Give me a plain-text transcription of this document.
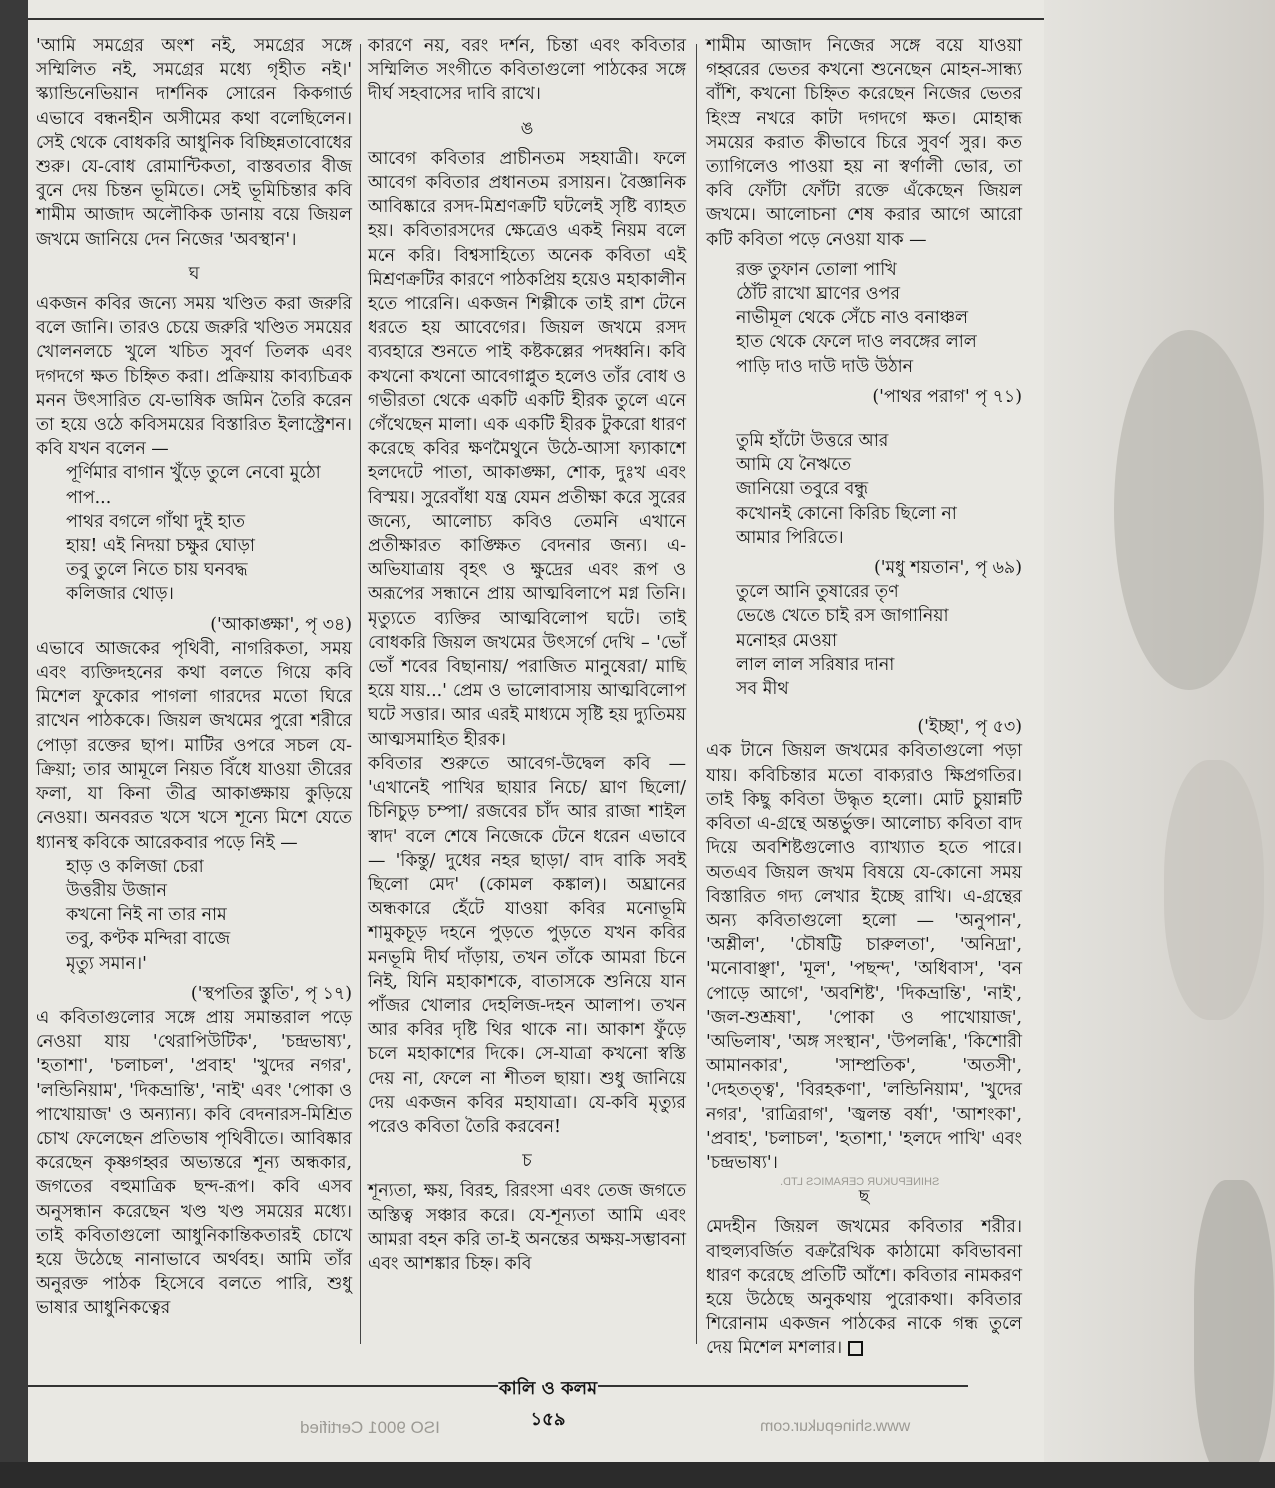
ISO 9001 Certified	www.shinepukur.com
SHINEPUKUR CERAMICS LTD.

'আমি সমগ্রের অংশ নই, সমগ্রের সঙ্গে সম্মিলিত নই, সমগ্রের মধ্যে গৃহীত নই।' স্ক্যান্ডিনেভিয়ান দার্শনিক সোরেন কিকগার্ড এভাবে বন্ধনহীন অসীমের কথা বলেছিলেন। সেই থেকে বোধকরি আধুনিক বিচ্ছিন্নতাবোধের শুরু। যে-বোধ রোমান্টিকতা, বাস্তবতার বীজ বুনে দেয় চিন্তন ভূমিতে। সেই ভূমিচিন্তার কবি শামীম আজাদ অলৌকিক ডানায় বয়ে জিয়ল জখমে জানিয়ে দেন নিজের 'অবস্থান'।

ঘ

একজন কবির জন্যে সময় খণ্ডিত করা জরুরি বলে জানি। তারও চেয়ে জরুরি খণ্ডিত সময়ের খোলনলচে খুলে খচিত সুবর্ণ তিলক এবং দগদগে ক্ষত চিহ্নিত করা। প্রক্রিয়ায় কাব্যচিত্রক মনন উৎসারিত যে-ভাষিক জমিন তৈরি করেন তা হয়ে ওঠে কবিসময়ের বিস্তারিত ইলাস্ট্রেশন। কবি যখন বলেন —

পূর্ণিমার বাগান খুঁড়ে তুলে নেবো মুঠো পাপ...
পাথর বগলে গাঁথা দুই হাত
হায়! এই নিদয়া চক্ষুর ঘোড়া
তবু তুলে নিতে চায় ঘনবদ্ধ
কলিজার থোড়।
('আকাঙ্ক্ষা', পৃ ৩৪)

এভাবে আজকের পৃথিবী, নাগরিকতা, সময় এবং ব্যক্তিদহনের কথা বলতে গিয়ে কবি মিশেল ফুকোর পাগলা গারদের মতো ঘিরে রাখেন পাঠককে। জিয়ল জখমের পুরো শরীরে পোড়া রক্তের ছাপ। মাটির ওপরে সচল যে-ক্রিয়া; তার আমূলে নিয়ত বিঁধে যাওয়া তীরের ফলা, যা কিনা তীব্র আকাঙ্ক্ষায় কুড়িয়ে নেওয়া। অনবরত খসে খসে শূন্যে মিশে যেতে ধ্যানস্থ কবিকে আরেকবার পড়ে নিই —

হাড় ও কলিজা চেরা
উত্তরীয় উজান
কখনো নিই না তার নাম
তবু, কণ্টক মন্দিরা বাজে
মৃত্যু সমান।'
('স্থপতির স্তুতি', পৃ ১৭)

এ কবিতাগুলোর সঙ্গে প্রায় সমান্তরাল পড়ে নেওয়া যায় 'থেরাপিউটিক', 'চন্দ্রভাষ্য', 'হতাশা', 'চলাচল', 'প্রবাহ' 'খুদের নগর', 'লন্ডিনিয়াম', 'দিকভ্রান্তি', 'নাই' এবং 'পোকা ও পাখোয়াজ' ও অন্যান্য। কবি বেদনারস-মিশ্রিত চোখ ফেলেছেন প্রতিভাষ পৃথিবীতে। আবিষ্কার করেছেন কৃষ্ণগহ্বর অভ্যন্তরে শূন্য অন্ধকার, জগতের বহুমাত্রিক ছন্দ-রূপ। কবি এসব অনুসন্ধান করেছেন খণ্ড খণ্ড সময়ের মধ্যে। তাই কবিতাগুলো আধুনিকান্তিকতারই চোখে হয়ে উঠেছে নানাভাবে অর্থবহ। আমি তাঁর অনুরক্ত পাঠক হিসেবে বলতে পারি, শুধু ভাষার আধুনিকত্বের

কারণে নয়, বরং দর্শন, চিন্তা এবং কবিতার সম্মিলিত সংগীতে কবিতাগুলো পাঠকের সঙ্গে দীর্ঘ সহবাসের দাবি রাখে।

ঙ

আবেগ কবিতার প্রাচীনতম সহযাত্রী। ফলে আবেগ কবিতার প্রধানতম রসায়ন। বৈজ্ঞানিক আবিষ্কারে রসদ-মিশ্রণক্রটি ঘটলেই সৃষ্টি ব্যাহত হয়। কবিতারসদের ক্ষেত্রেও একই নিয়ম বলে মনে করি। বিশ্বসাহিত্যে অনেক কবিতা এই মিশ্রণক্রটির কারণে পাঠকপ্রিয় হয়েও মহাকালীন হতে পারেনি। একজন শিল্পীকে তাই রাশ টেনে ধরতে হয় আবেগের। জিয়ল জখমে রসদ ব্যবহারে শুনতে পাই কষ্টকল্লের পদধ্বনি। কবি কখনো কখনো আবেগাপ্লুত হলেও তাঁর বোধ ও গভীরতা থেকে একটি একটি হীরক তুলে এনে গেঁথেছেন মালা। এক একটি হীরক টুকরো ধারণ করেছে কবির ক্ষণমৈথুনে উঠে-আসা ফ্যাকাশে হলদেটে পাতা, আকাঙ্ক্ষা, শোক, দুঃখ এবং বিস্ময়। সুরেবাঁধা যন্ত্র যেমন প্রতীক্ষা করে সুরের জন্যে, আলোচ্য কবিও তেমনি এখানে প্রতীক্ষারত কাঙ্ক্ষিত বেদনার জন্য। এ-অভিযাত্রায় বৃহৎ ও ক্ষুদ্রের এবং রূপ ও অরূপের সন্ধানে প্রায় আত্মবিলাপে মগ্ন তিনি। মৃত্যুতে ব্যক্তির আত্মবিলোপ ঘটে। তাই বোধকরি জিয়ল জখমের উৎসর্গে দেখি – 'ভোঁ ভোঁ শবের বিছানায়/ পরাজিত মানুষেরা/ মাছি হয়ে যায়...' প্রেম ও ভালোবাসায় আত্মবিলোপ ঘটে সত্তার। আর এরই মাধ্যমে সৃষ্টি হয় দ্যুতিময় আত্মসমাহিত হীরক।

কবিতার শুরুতে আবেগ-উদ্বেল কবি — 'এখানেই পাখির ছায়ার নিচে/ ঘ্রাণ ছিলো/ চিনিচুড় চম্পা/ রজবের চাঁদ আর রাজা শাইল স্বাদ' বলে শেষে নিজেকে টেনে ধরেন এভাবে — 'কিন্তু/ দুধের নহর ছাড়া/ বাদ বাকি সবই ছিলো মেদ' (কোমল কঙ্কাল)। অঘ্রানের অন্ধকারে হেঁটে যাওয়া কবির মনোভূমি শামুকচূড় দহনে পুড়তে পুড়তে যখন কবির মনভূমি দীর্ঘ দাঁড়ায়, তখন তাঁকে আমরা চিনে নিই, যিনি মহাকাশকে, বাতাসকে শুনিয়ে যান পাঁজর খোলার দেহলিজ-দহন আলাপ। তখন আর কবির দৃষ্টি থির থাকে না। আকাশ ফুঁড়ে চলে মহাকাশের দিকে। সে-যাত্রা কখনো স্বস্তি দেয় না, ফেলে না শীতল ছায়া। শুধু জানিয়ে দেয় একজন কবির মহাযাত্রা। যে-কবি মৃত্যুর পরেও কবিতা তৈরি করবেন!

চ

শূন্যতা, ক্ষয়, বিরহ, রিরংসা এবং তেজ জগতে অস্তিত্ব সঞ্চার করে। যে-শূন্যতা আমি এবং আমরা বহন করি তা-ই অনন্তের অক্ষয়-সম্ভাবনা এবং আশঙ্কার চিহ্ন। কবি

শামীম আজাদ নিজের সঙ্গে বয়ে যাওয়া গহ্বরের ভেতর কখনো শুনেছেন মোহন-সান্ধ্য বাঁশি, কখনো চিহ্নিত করেছেন নিজের ভেতর হিংস্র নখরে কাটা দগদগে ক্ষত। মোহান্ধ সময়ের করাত কীভাবে চিরে সুবর্ণ সুর। কত ত্যাগিলেও পাওয়া হয় না স্বর্ণালী ভোর, তা কবি ফোঁটা ফোঁটা রক্তে এঁকেছেন জিয়ল জখমে। আলোচনা শেষ করার আগে আরো কটি কবিতা পড়ে নেওয়া যাক —

রক্ত তুফান তোলা পাখি
ঠোঁট রাখো ঘ্রাণের ওপর
নাভীমূল থেকে সেঁচে নাও বনাঞ্চল
হাত থেকে ফেলে দাও লবঙ্গের লাল
পাড়ি দাও দাউ দাউ উঠান
('পাথর পরাগ' পৃ ৭১)
তুমি হাঁটো উত্তরে আর
আমি যে নৈঋতে
জানিয়ো তবুরে বন্ধু
কখোনই কোনো কিরিচ ছিলো না
আমার পিরিতে।
('মধু শয়তান', পৃ ৬৯)
তুলে আনি তুষারের তৃণ
ভেঙে খেতে চাই রস জাগানিয়া
মনোহর মেওয়া
লাল লাল সরিষার দানা
সব মীথ
('ইচ্ছা', পৃ ৫৩)

এক টানে জিয়ল জখমের কবিতাগুলো পড়া যায়। কবিচিন্তার মতো বাক্যরাও ক্ষিপ্রগতির। তাই কিছু কবিতা উদ্ধৃত হলো। মোট চুয়ান্নটি কবিতা এ-গ্রন্থে অন্তর্ভুক্ত। আলোচ্য কবিতা বাদ দিয়ে অবশিষ্টগুলোও ব্যাখ্যাত হতে পারে। অতএব জিয়ল জখম বিষয়ে যে-কোনো সময় বিস্তারিত গদ্য লেখার ইচ্ছে রাখি। এ-গ্রন্থের অন্য কবিতাগুলো হলো — 'অনুপান', 'অশ্লীল', 'চৌষট্টি চারুলতা', 'অনিদ্রা', 'মনোবাঞ্ছা', 'মূল', 'পছন্দ', 'অধিবাস', 'বন পোড়ে আগে', 'অবশিষ্ট', 'দিকভ্রান্তি', 'নাই', 'জল-শুশ্রূষা', 'পোকা ও পাখোয়াজ', 'অভিলাষ', 'অঙ্গ সংস্থান', 'উপলব্ধি', 'কিশোরী আমানকার', 'সাম্প্রতিক', 'অতসী', 'দেহতত্ত্ব', 'বিরহকণা', 'লন্ডিনিয়াম', 'খুদের নগর', 'রাত্রিরাগ', 'জ্বলন্ত বর্ষা', 'আশংকা', 'প্রবাহ', 'চলাচল', 'হতাশা,' 'হলদে পাখি' এবং 'চন্দ্রভাষ্য'।

ছ

মেদহীন জিয়ল জখমের কবিতার শরীর। বাহুল্যবর্জিত বক্ররৈখিক কাঠামো কবিভাবনা ধারণ করেছে প্রতিটি আঁশে। কবিতার নামকরণ হয়ে উঠেছে অনুকথায় পুরোকথা। কবিতার শিরোনাম একজন পাঠকের নাকে গন্ধ তুলে দেয় মিশেল মশলার।

কালি ও কলম ১৫৯
